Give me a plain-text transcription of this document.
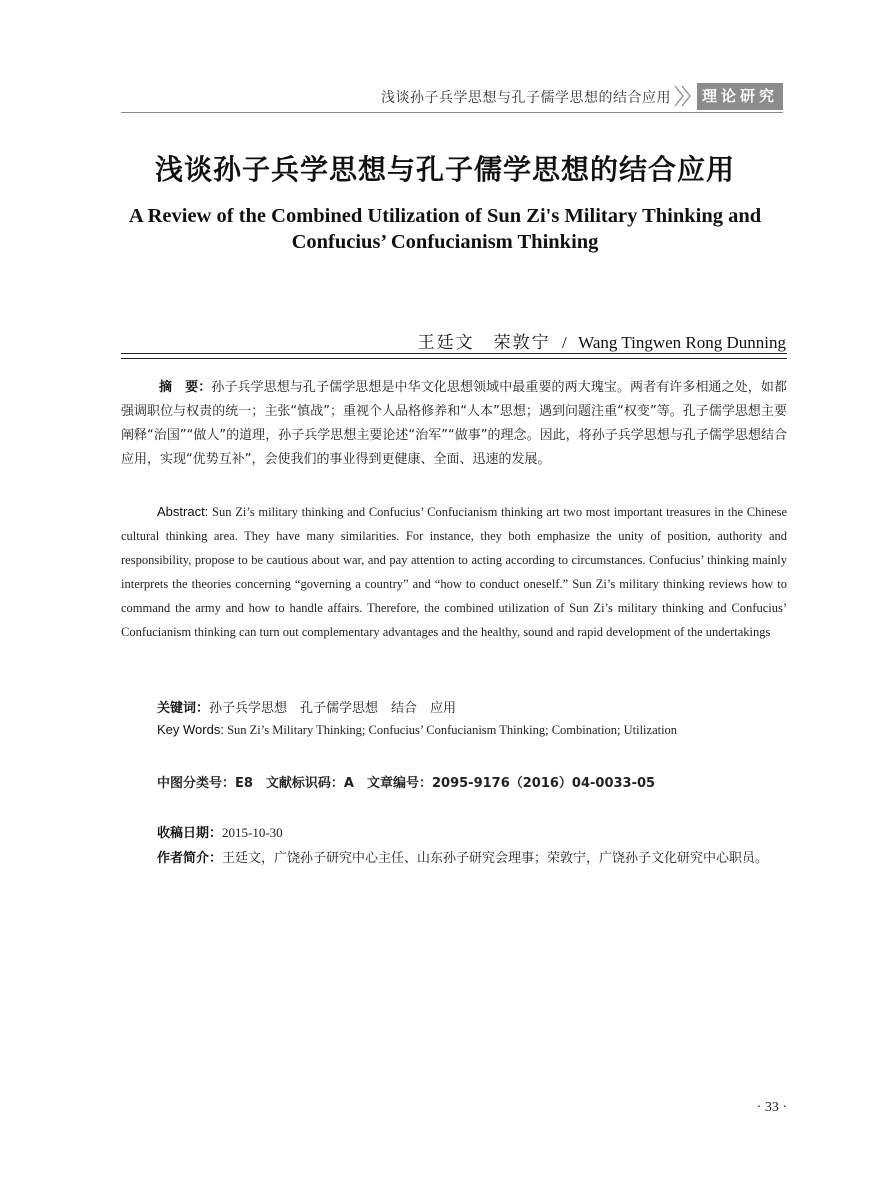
浅谈孙子兵学思想与孔子儒学思想的结合应用	理论研究
浅谈孙子兵学思想与孔子儒学思想的结合应用
A Review of the Combined Utilization of Sun Zi's Military Thinking and
Confucius’ Confucianism Thinking
王廷文　荣敦宁 / Wang Tingwen Rong Dunning

摘　要：孙子兵学思想与孔子儒学思想是中华文化思想领域中最重要的两大瑰宝。两者有许多相通之处，如都强调职位与权责的统一；主张“慎战”；重视个人品格修养和“人本”思想；遇到问题注重“权变”等。孔子儒学思想主要阐释“治国”“做人”的道理，孙子兵学思想主要论述“治军”“做事”的理念。因此，将孙子兵学思想与孔子儒学思想结合应用，实现“优势互补”，会使我们的事业得到更健康、全面、迅速的发展。

Abstract: Sun Zi’s military thinking and Confucius’ Confucianism thinking art two most important treasures in the Chinese cultural thinking area. They have many similarities. For instance, they both emphasize the unity of position, authority and responsibility, propose to be cautious about war, and pay attention to acting according to circumstances. Confucius’ thinking mainly interprets the theories concerning “governing a country” and “how to conduct oneself.” Sun Zi’s military thinking reviews how to command the army and how to handle affairs. Therefore, the combined utilization of Sun Zi’s military thinking and Confucius’ Confucianism thinking can turn out complementary advantages and the healthy, sound and rapid development of the undertakings

关键词：孙子兵学思想　孔子儒学思想　结合　应用

Key Words: Sun Zi’s Military Thinking; Confucius’ Confucianism Thinking; Combination; Utilization

中图分类号：E8　文献标识码：A　文章编号：2095-9176（2016）04-0033-05

收稿日期：2015-10-30

作者简介：王廷文，广饶孙子研究中心主任、山东孙子研究会理事；荣敦宁，广饶孙子文化研究中心职员。

· 33 ·
